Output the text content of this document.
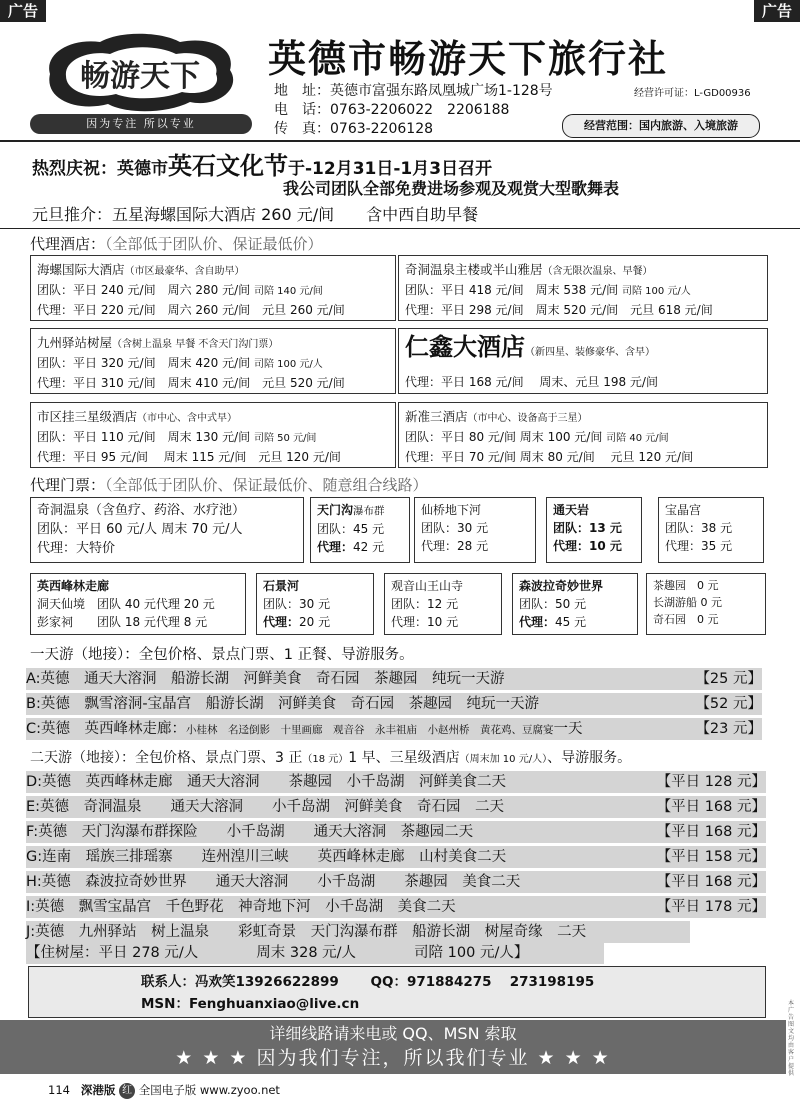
广告	广告
畅游天下
因为专注 所以专业
英德市畅游天下旅行社
地　址：英德市富强东路凤凰城广场1-128号
电　话：0763-2206022　2206188
传　真：0763-2206128
经营许可证：L-GD00936
经营范围：国内旅游、入境旅游
热烈庆祝：英德市英石文化节于-12月31日-1月3日召开
我公司团队全部免费进场参观及观赏大型歌舞表
元旦推介：五星海螺国际大酒店 260 元/间　　含中西自助早餐
代理酒店：（全部低于团队价、保证最低价）
海螺国际大酒店（市区最豪华、含自助早）
团队：平日 240 元/间　周六 280 元/间 司陪 140 元/间
代理：平日 220 元/间　周六 260 元/间　元旦 260 元/间
奇洞温泉主楼或半山雅居（含无限次温泉、早餐）
团队：平日 418 元/间　周末 538 元/间 司陪 100 元/人
代理：平日 298 元/间　周末 520 元/间　元旦 618 元/间
九州驿站树屋（含树上温泉 早餐 不含天门沟门票）
团队：平日 320 元/间　周末 420 元/间 司陪 100 元/人
代理：平日 310 元/间　周末 410 元/间　元旦 520 元/间
仁鑫大酒店（新四星、装修豪华、含早）
代理：平日 168 元/间　 周末、元旦 198 元/间
市区挂三星级酒店（市中心、含中式早）
团队：平日 110 元/间　周末 130 元/间 司陪 50 元/间
代理：平日 95 元/间　 周末 115 元/间　元旦 120 元/间
新准三酒店（市中心、设备高于三星）
团队：平日 80 元/间 周末 100 元/间 司陪 40 元/间
代理：平日 70 元/间 周末 80 元/间　 元旦 120 元/间
代理门票：（全部低于团队价、保证最低价、随意组合线路）
奇洞温泉（含鱼疗、药浴、水疗池）
团队：平日 60 元/人 周末 70 元/人
代理：大特价
天门沟瀑布群
团队：45 元
代理：42 元
仙桥地下河
团队：30 元
代理：28 元
通天岩
团队：13 元
代理：10 元
宝晶宫
团队：38 元
代理：35 元
英西峰林走廊
洞天仙境　团队 40 元代理 20 元
彭家祠　　团队 18 元代理 8 元
石景河
团队：30 元
代理：20 元
观音山王山寺
团队：12 元
代理：10 元
森波拉奇妙世界
团队：50 元
代理：45 元
茶趣园　0 元
长湖游船 0 元
奇石园　0 元
一天游（地接）：全包价格、景点门票、1 正餐、导游服务。
A:英德　通天大溶洞　船游长湖　河鲜美食　奇石园　茶趣园　纯玩一天游	【25 元】
B:英德　飘雪溶洞-宝晶宫　船游长湖　河鲜美食　奇石园　茶趣园　纯玩一天游	【52 元】
C:英德　英西峰林走廊：小桂林　名迳倒影　十里画廊　观音谷　永丰祖庙　小赵州桥　黄花鸡、豆腐宴一天	【23 元】
二天游（地接）：全包价格、景点门票、3 正（18 元）1 早、三星级酒店（周末加 10 元/人）、导游服务。
D:英德　英西峰林走廊　通天大溶洞　　茶趣园　小千岛湖　河鲜美食二天	【平日 128 元】
E:英德　奇洞温泉　　通天大溶洞　　小千岛湖　河鲜美食　奇石园　二天	【平日 168 元】
F:英德　天门沟瀑布群探险　　小千岛湖　　通天大溶洞　茶趣园二天	【平日 168 元】
G:连南　瑶族三排瑶寨　　连州湟川三峡　　英西峰林走廊　山村美食二天	【平日 158 元】
H:英德　森波拉奇妙世界　　通天大溶洞　　小千岛湖　　茶趣园　美食二天	【平日 168 元】
I:英德　飘雪宝晶宫　千色野花　神奇地下河　小千岛湖　美食二天	【平日 178 元】
J:英德　九州驿站　树上温泉　　彩虹奇景　天门沟瀑布群　船游长湖　树屋奇缘　二天
【住树屋：平日 278 元/人　　　　周末 328 元/人　　　　司陪 100 元/人】
联系人：冯欢笑13926622899　　 QQ：971884275　 273198195
MSN：Fenghuanxiao@live.cn
详细线路请来电或 QQ、MSN 索取
★ ★ ★ 因为我们专注，所以我们专业 ★ ★ ★
本广告图文均由客户提供
114 深港版 红 全国电子版 www.zyoo.net
